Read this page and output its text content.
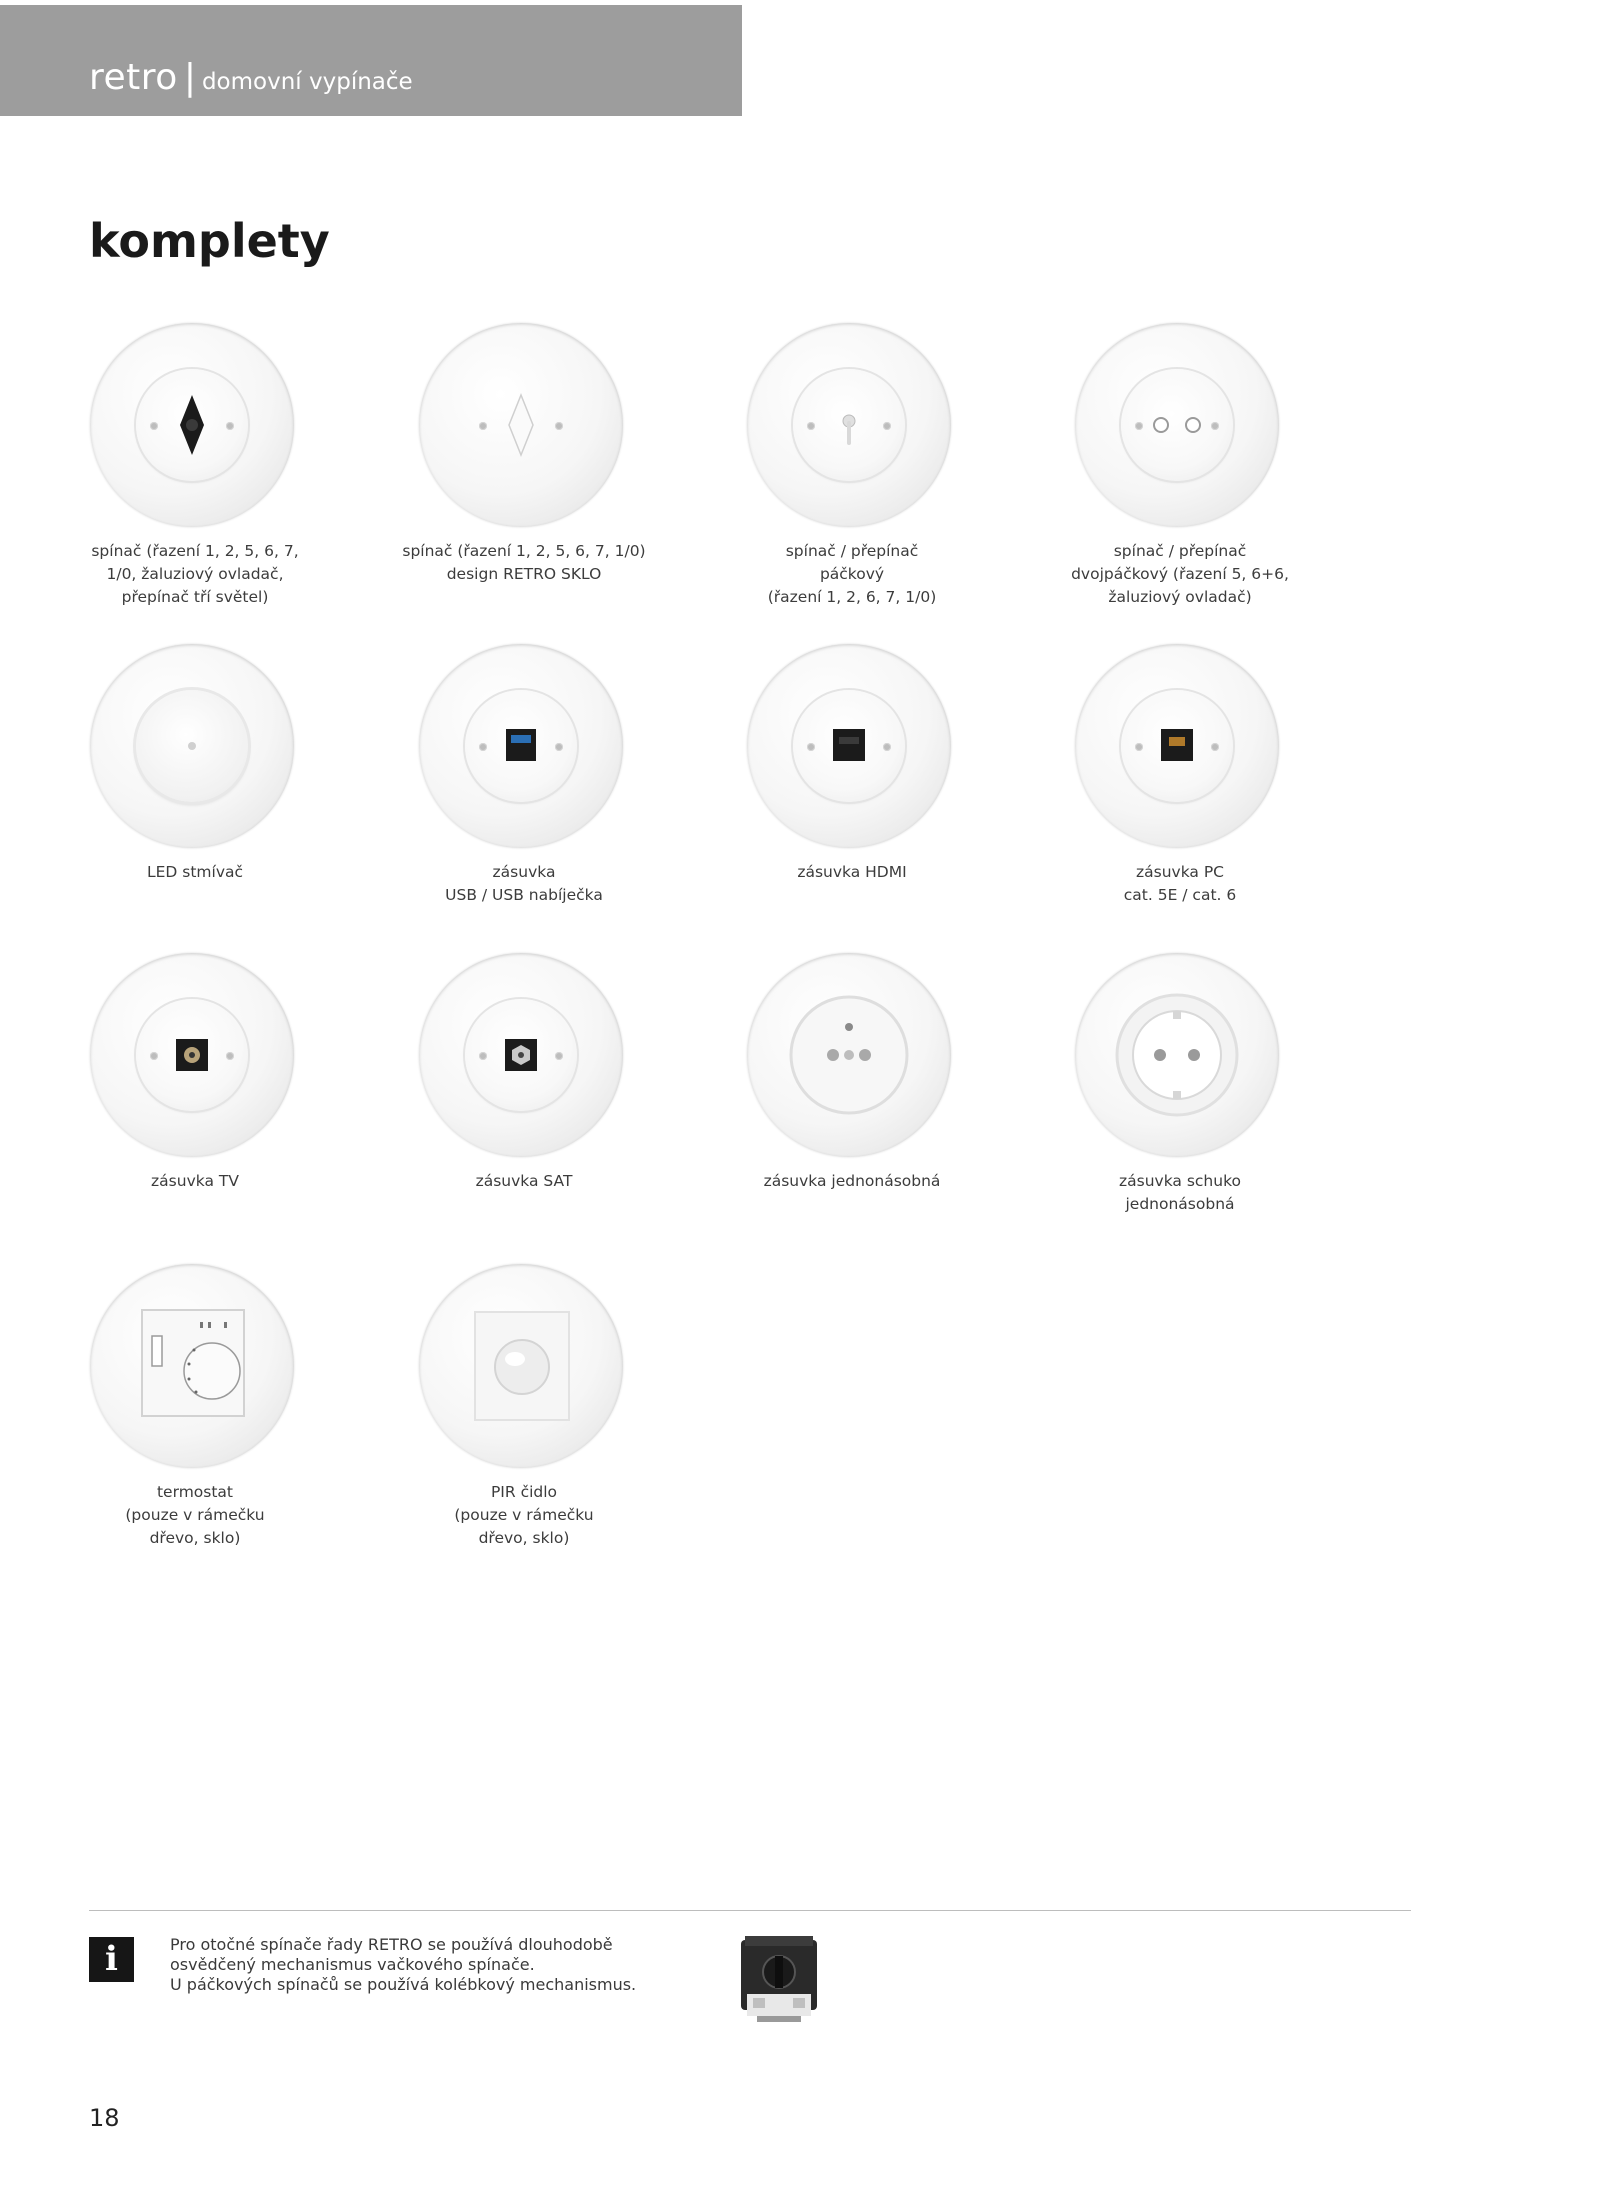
retro | domovní vypínače
komplety
spínač (řazení 1, 2, 5, 6, 7,
1/0, žaluziový ovladač,
přepínač tří světel)
spínač (řazení 1, 2, 5, 6, 7, 1/0)
design RETRO SKLO
spínač / přepínač
páčkový
(řazení 1, 2, 6, 7, 1/0)
spínač / přepínač
dvojpáčkový (řazení 5, 6+6,
žaluziový ovladač)
LED stmívač	zásuvka
USB / USB nabíječka
zásuvka HDMI	zásuvka PC
cat. 5E / cat. 6
zásuvka TV	zásuvka SAT	zásuvka jednonásobná	zásuvka schuko
jednonásobná
termostat
(pouze v rámečku
dřevo, sklo)
PIR čidlo
(pouze v rámečku
dřevo, sklo)
i	Pro otočné spínače řady RETRO se používá dlouhodobě
osvědčený mechanismus vačkového spínače.
U páčkových spínačů se používá kolébkový mechanismus.
18
